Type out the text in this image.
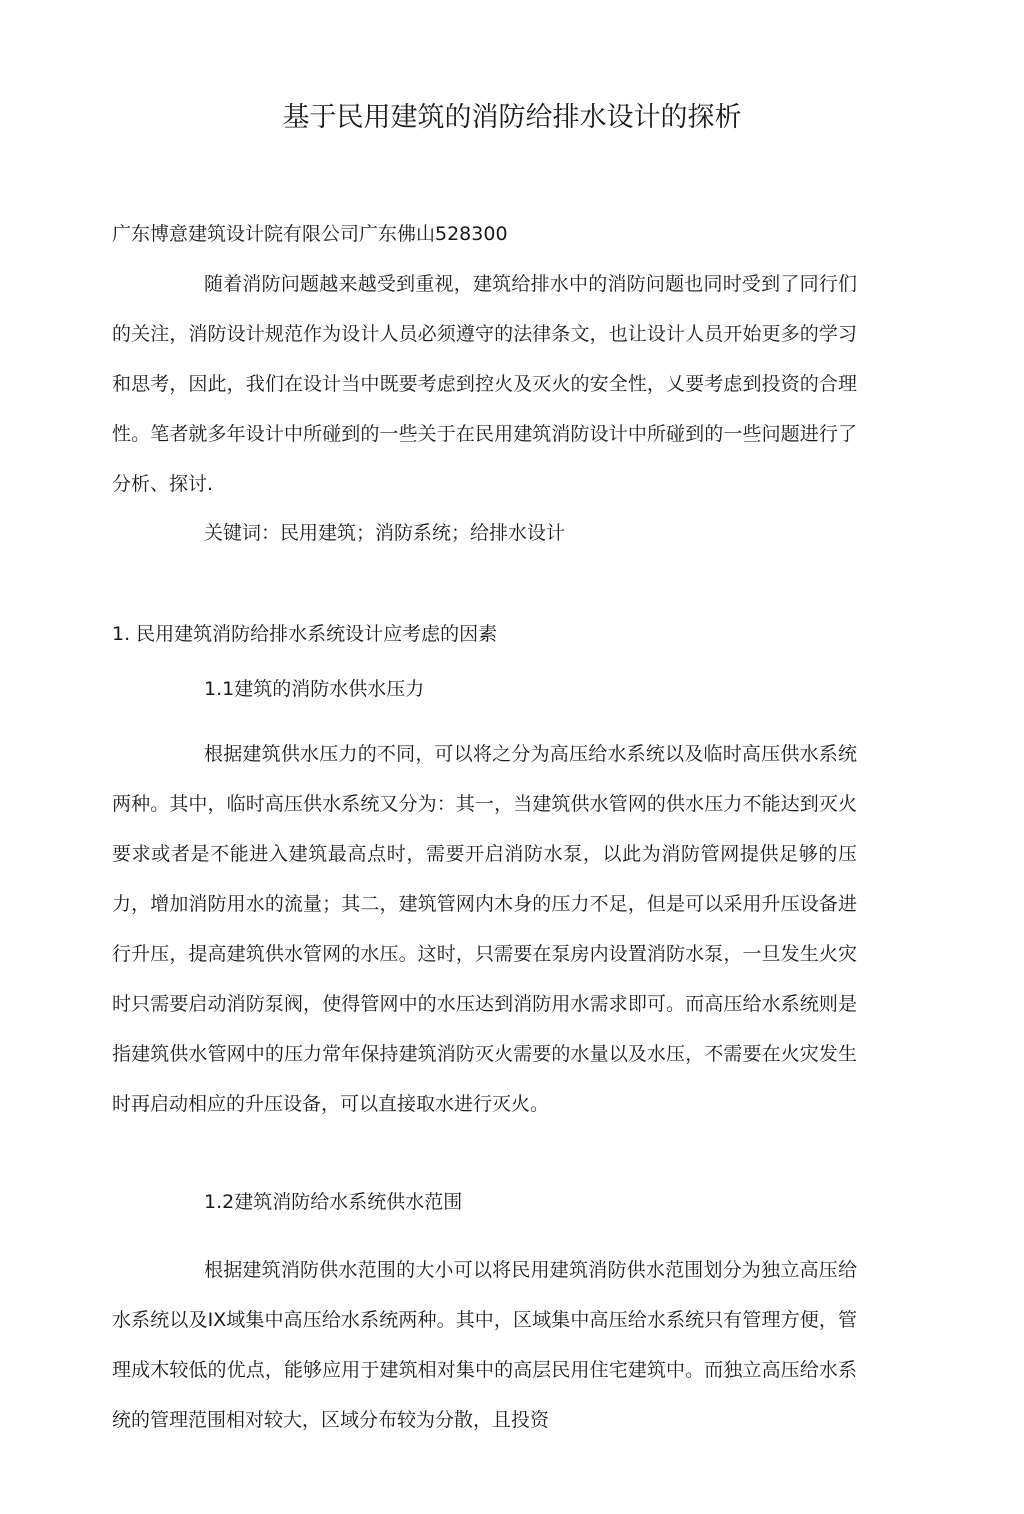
基于民用建筑的消防给排水设计的探析
广东博意建筑设计院有限公司广东佛山528300

随着消防问题越来越受到重视，建筑给排水中的消防问题也同时受到了同行们的关注，消防设计规范作为设计人员必须遵守的法律条文，也让设计人员开始更多的学习和思考，因此，我们在设计当中既要考虑到控火及灭火的安全性，乂要考虑到投资的合理性。笔者就多年设计中所碰到的一些关于在民用建筑消防设计中所碰到的一些问题进行了分析、探讨.

关键词：民用建筑；消防系统；给排水设计
1. 民用建筑消防给排水系统设计应考虑的因素
1.1建筑的消防水供水压力

根据建筑供水压力的不同，可以将之分为高压给水系统以及临时高压供水系统两种。其中，临时高压供水系统又分为：其一，当建筑供水管网的供水压力不能达到灭火要求或者是不能进入建筑最高点时，需要开启消防水泵，以此为消防管网提供足够的压力，增加消防用水的流量；其二，建筑管网内木身的压力不足，但是可以采用升压设备进行升压，提高建筑供水管网的水压。这时，只需要在泵房内设置消防水泵，一旦发生火灾时只需要启动消防泵阀，使得管网中的水压达到消防用水需求即可。而高压给水系统则是指建筑供水管网中的压力常年保持建筑消防灭火需要的水量以及水压，不需要在火灾发生时再启动相应的升压设备，可以直接取水进行灭火。

1.2建筑消防给水系统供水范围

根据建筑消防供水范围的大小可以将民用建筑消防供水范围划分为独立高压给水系统以及IX域集中高压给水系统两种。其中，区域集中高压给水系统只有管理方便，管理成木较低的优点，能够应用于建筑相对集中的高层民用住宅建筑中。而独立高压给水系统的管理范围相对较大，区域分布较为分散，且投资
